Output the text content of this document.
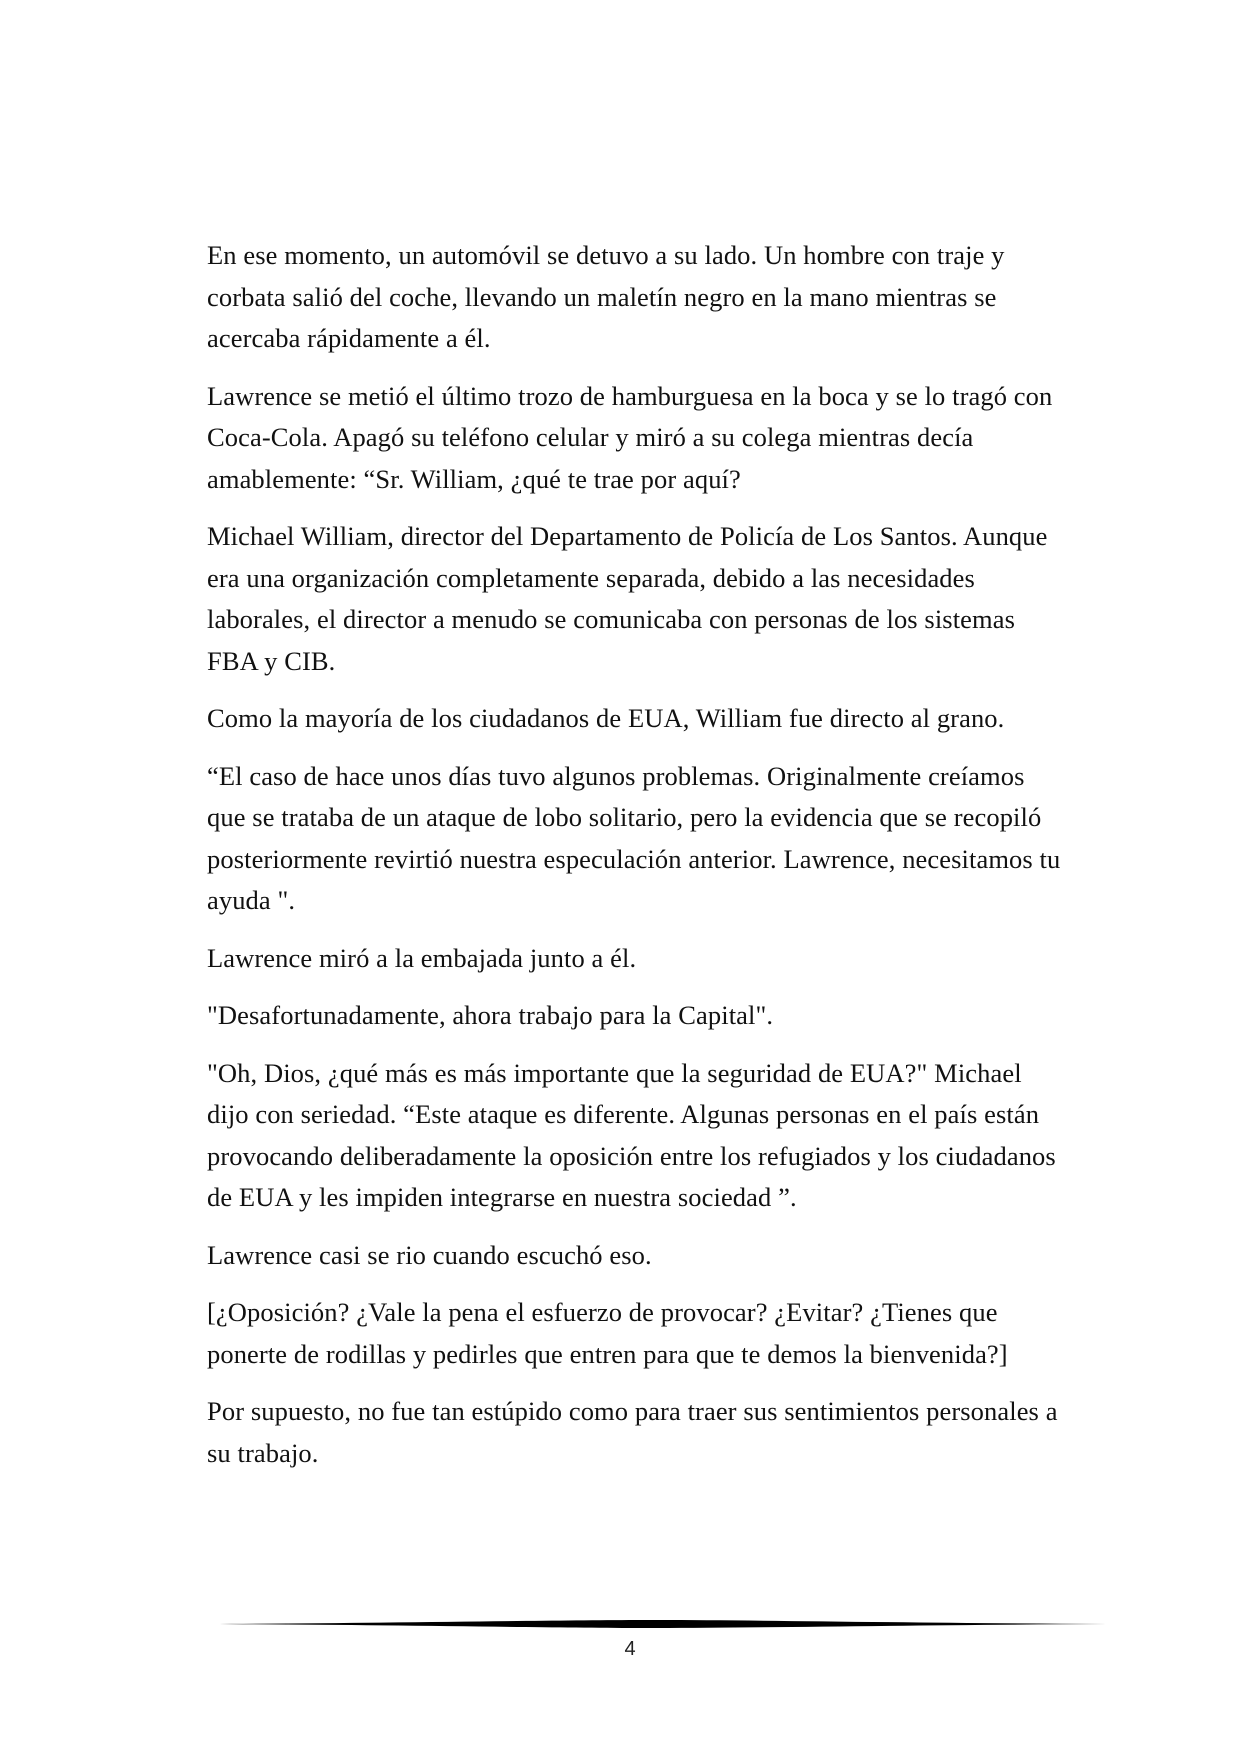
En ese momento, un automóvil se detuvo a su lado. Un hombre con traje y corbata salió del coche, llevando un maletín negro en la mano mientras se acercaba rápidamente a él.

Lawrence se metió el último trozo de hamburguesa en la boca y se lo tragó con Coca-Cola. Apagó su teléfono celular y miró a su colega mientras decía amablemente: “Sr. William, ¿qué te trae por aquí?

Michael William, director del Departamento de Policía de Los Santos. Aunque era una organización completamente separada, debido a las necesidades laborales, el director a menudo se comunicaba con personas de los sistemas FBA y CIB.

Como la mayoría de los ciudadanos de EUA, William fue directo al grano.

“El caso de hace unos días tuvo algunos problemas. Originalmente creíamos que se trataba de un ataque de lobo solitario, pero la evidencia que se recopiló posteriormente revirtió nuestra especulación anterior. Lawrence, necesitamos tu ayuda ".

Lawrence miró a la embajada junto a él.

"Desafortunadamente, ahora trabajo para la Capital".

"Oh, Dios, ¿qué más es más importante que la seguridad de EUA?" Michael dijo con seriedad. “Este ataque es diferente. Algunas personas en el país están provocando deliberadamente la oposición entre los refugiados y los ciudadanos de EUA y les impiden integrarse en nuestra sociedad ”.

Lawrence casi se rio cuando escuchó eso.

[¿Oposición? ¿Vale la pena el esfuerzo de provocar? ¿Evitar? ¿Tienes que ponerte de rodillas y pedirles que entren para que te demos la bienvenida?]

Por supuesto, no fue tan estúpido como para traer sus sentimientos personales a su trabajo.

4
